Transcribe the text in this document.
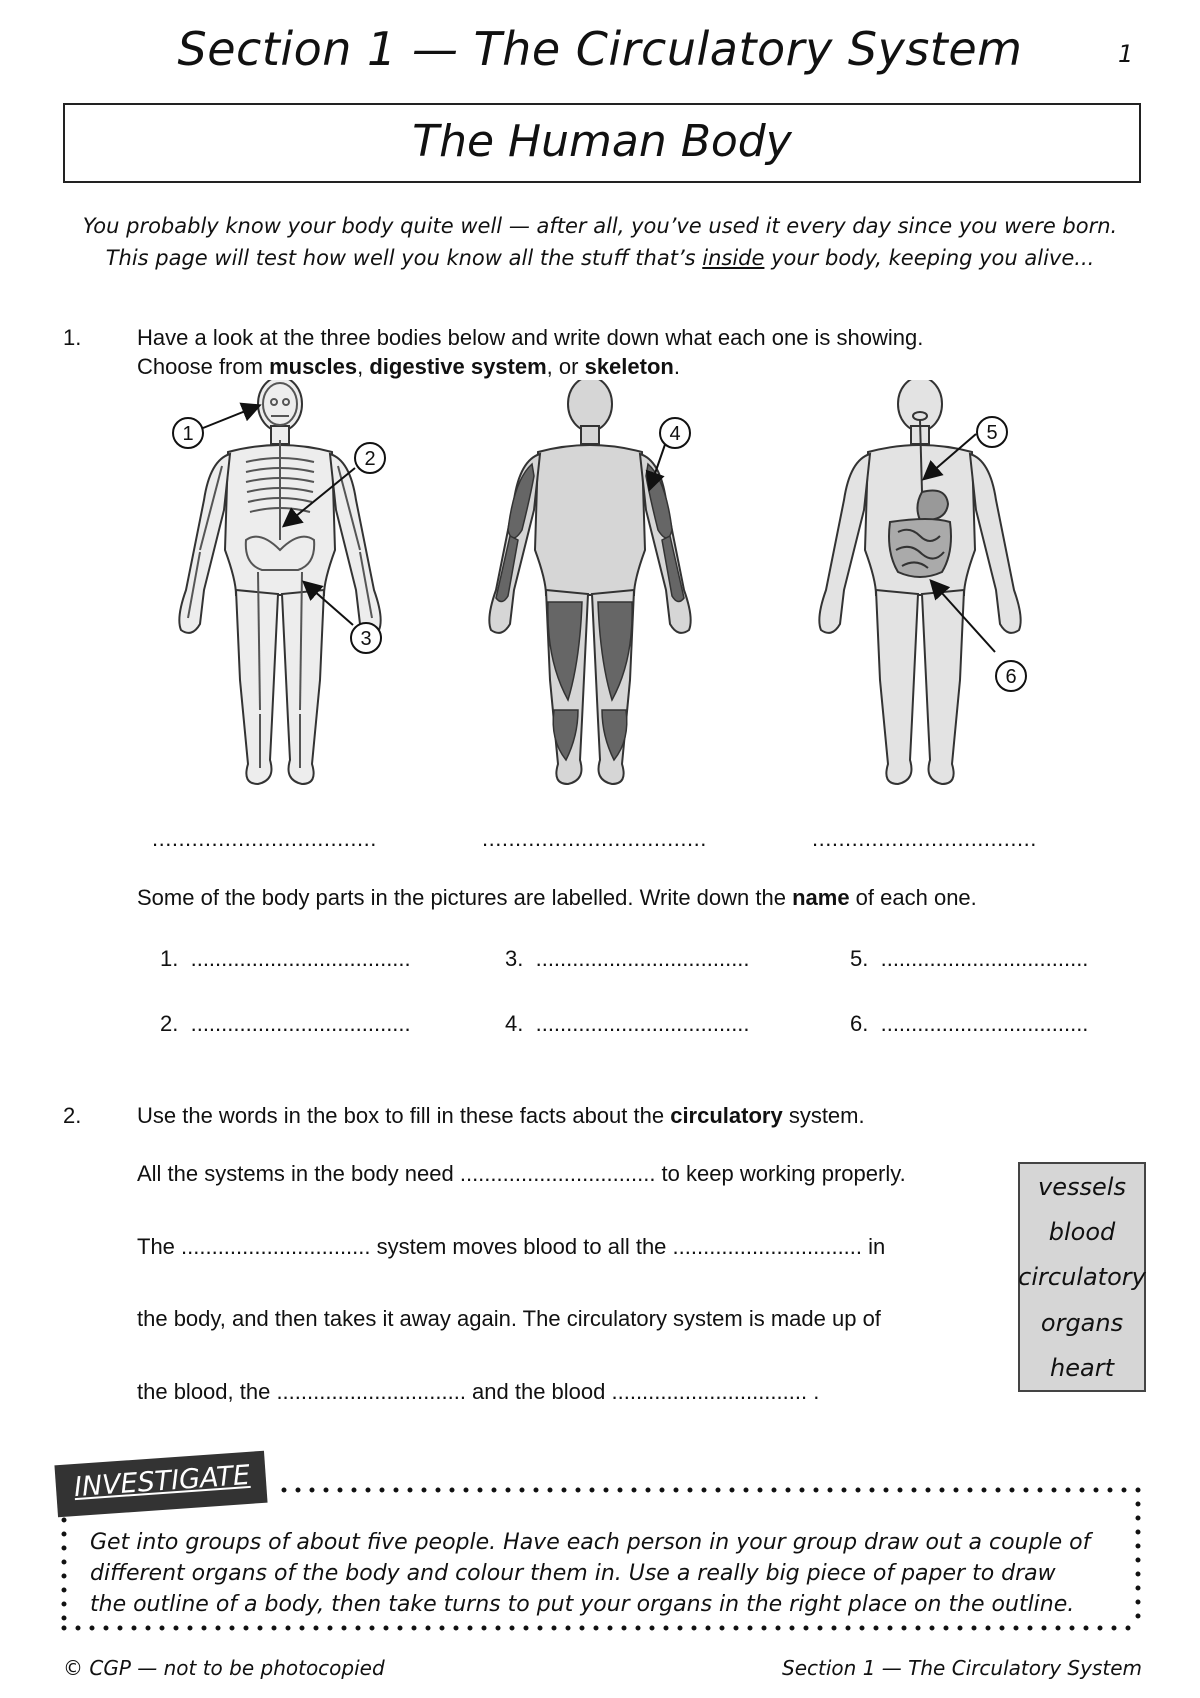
Section 1 — The Circulatory System	1
The Human Body
You probably know your body quite well — after all, you’ve used it every day since you were born.
This page will test how well you know all the stuff that’s inside your body, keeping you alive...
1.	Have a look at the three bodies below and write down what each one is showing.
Choose from muscles, digestive system, or skeleton.
1
2
3
4	5
6
..................................	..................................	..................................
Some of the body parts in the pictures are labelled. Write down the name of each one.
1. ....................................	3. ...................................	5. ..................................
2. ....................................	4. ...................................	6. ..................................
2.	Use the words in the box to fill in these facts about the circulatory system.
All the systems in the body need ................................ to keep working properly.
The ............................... system moves blood to all the ............................... in
the body, and then takes it away again. The circulatory system is made up of
the blood, the ............................... and the blood ................................ .
vessels
blood
circulatory
organs
heart
INVESTIGATE
Get into groups of about five people. Have each person in your group draw out a couple of
different organs of the body and colour them in. Use a really big piece of paper to draw
the outline of a body, then take turns to put your organs in the right place on the outline.
© CGP — not to be photocopied	Section 1 — The Circulatory System
